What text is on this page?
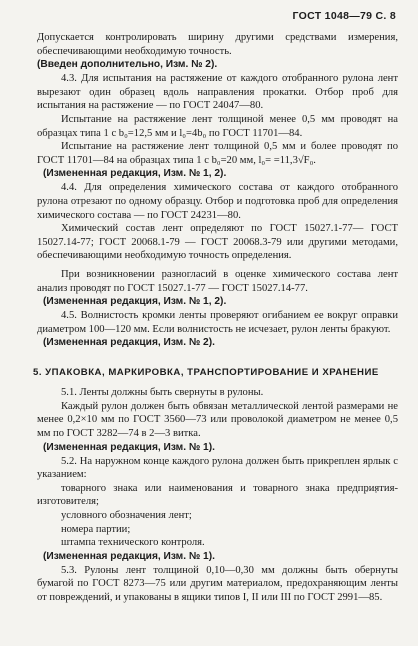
ГОСТ 1048—79 С. 8

Допускается контролировать ширину другими средствами измерения, обеспечивающими необходимую точность.

(Введен дополнительно, Изм. № 2).

4.3. Для испытания на растяжение от каждого отобранного рулона лент вырезают один образец вдоль направления прокатки. Отбор проб для испытания на растяжение — по ГОСТ 24047—80.

Испытание на растяжение лент толщиной менее 0,5 мм проводят на образцах типа 1 с b₀=12,5 мм и l₀=4b₀ по ГОСТ 11701—84.

Испытание на растяжение лент толщиной 0,5 мм и более проводят по ГОСТ 11701—84 на образцах типа 1 с b₀=20 мм, l₀= =11,3√F₀.

(Измененная редакция, Изм. № 1, 2).

4.4. Для определения химического состава от каждого отобранного рулона отрезают по одному образцу. Отбор и подготовка проб для определения химического состава — по ГОСТ 24231—80.

Химический состав лент определяют по ГОСТ 15027.1-77— ГОСТ 15027.14-77; ГОСТ 20068.1-79 — ГОСТ 20068.3-79 или другими методами, обеспечивающими необходимую точность определения.

При возникновении разногласий в оценке химического состава лент анализ проводят по ГОСТ 15027.1-77 — ГОСТ 15027.14-77.

(Измененная редакция, Изм. № 1, 2).

4.5. Волнистость кромки ленты проверяют огибанием ее вокруг оправки диаметром 100—120 мм. Если волнистость не исчезает, рулон ленты бракуют.

(Измененная редакция, Изм. № 2).

5. УПАКОВКА, МАРКИРОВКА, ТРАНСПОРТИРОВАНИЕ И ХРАНЕНИЕ

5.1. Ленты должны быть свернуты в рулоны.

Каждый рулон должен быть обвязан металлической лентой размерами не менее 0,2×10 мм по ГОСТ 3560—73 или проволокой диаметром не менее 0,5 мм по ГОСТ 3282—74 в 2—3 витка.

(Измененная редакция, Изм. № 1).

5.2. На наружном конце каждого рулона должен быть прикреплен ярлык с указанием:

товарного знака или наименования и товарного знака предприятия-изготовителя;

условного обозначения лент;

номера партии;

штампа технического контроля.

(Измененная редакция, Изм. № 1).

5.3. Рулоны лент толщиной 0,10—0,30 мм должны быть обернуты бумагой по ГОСТ 8273—75 или другим материалом, предохраняющим ленты от повреждений, и упакованы в ящики типов I, II или III по ГОСТ 2991—85.
